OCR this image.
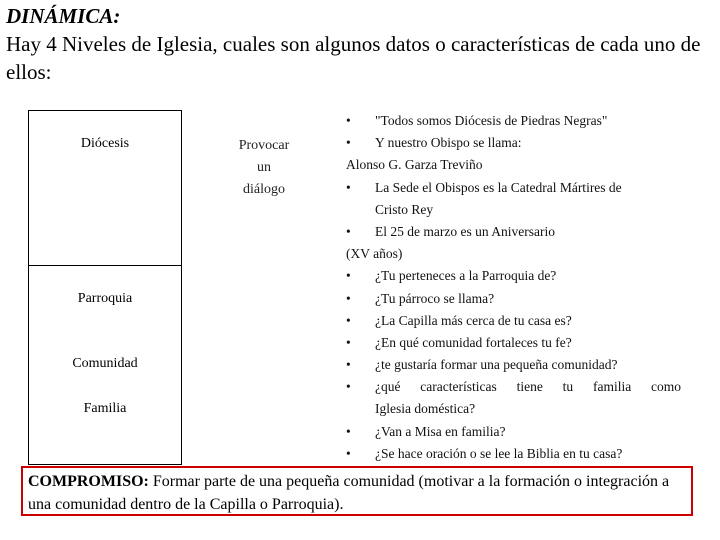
DINÁMICA:
Hay 4 Niveles de Iglesia, cuales son algunos datos o características de cada uno de ellos:
Diócesis
Parroquia
Comunidad
Familia
Provocar
un
diálogo
•	"Todos somos Diócesis de Piedras Negras"
•	Y nuestro Obispo se llama:
Alonso G. Garza Treviño
•	La Sede el Obispos es la Catedral Mártires de
Cristo Rey
•	El 25 de marzo es un Aniversario
(XV años)
•	¿Tu perteneces a la Parroquia de?
•	¿Tu párroco se llama?
•	¿La Capilla más cerca de tu casa es?
•	¿En qué comunidad fortaleces tu fe?
•	¿te gustaría formar una pequeña comunidad?
•	¿qué características tiene tu familia como
Iglesia doméstica?
•	¿Van a Misa en familia?
•	¿Se hace oración o se lee la Biblia en tu casa?
COMPROMISO: Formar parte de una pequeña comunidad (motivar a la formación o integración a una comunidad dentro de la Capilla o Parroquia).
